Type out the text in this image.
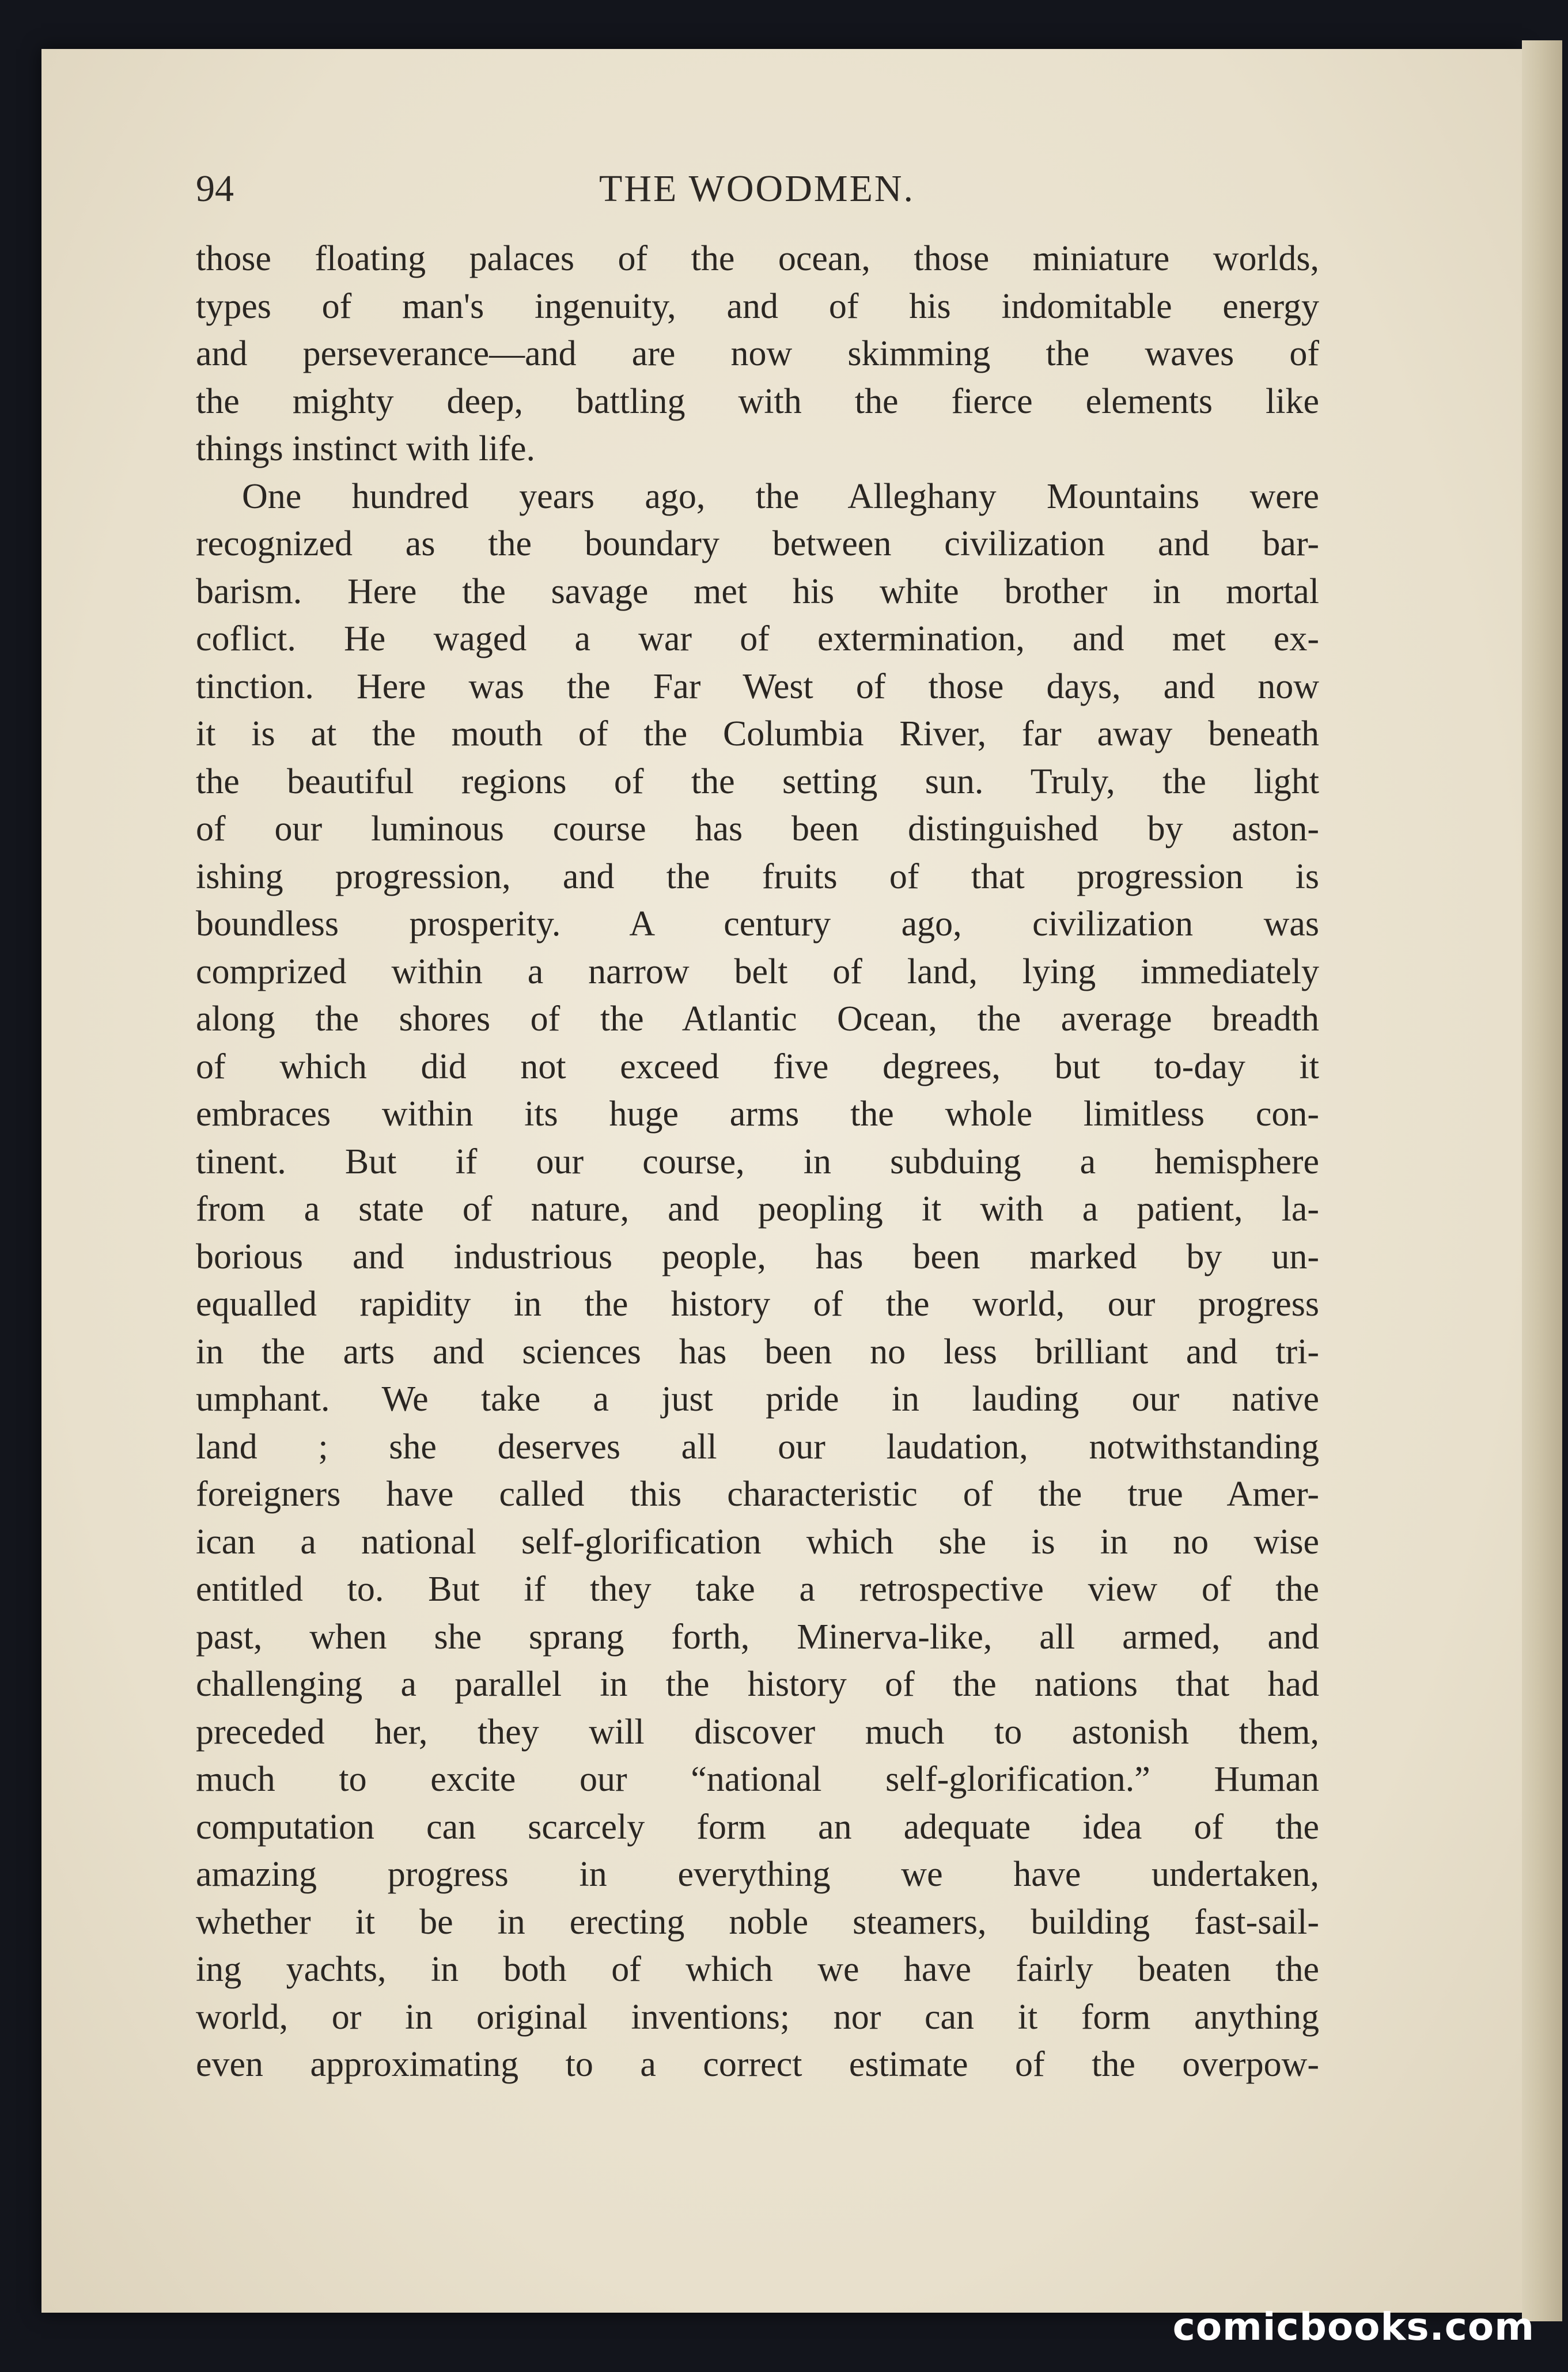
94	THE WOODMEN.
those floating palaces of the ocean, those miniature worlds,
types of man's ingenuity, and of his indomitable energy
and perseverance—and are now skimming the waves of
the mighty deep, battling with the fierce elements like
things instinct with life.
One hundred years ago, the Alleghany Mountains were
recognized as the boundary between civilization and bar-
barism. Here the savage met his white brother in mortal
coflict. He waged a war of extermination, and met ex-
tinction. Here was the Far West of those days, and now
it is at the mouth of the Columbia River, far away beneath
the beautiful regions of the setting sun. Truly, the light
of our luminous course has been distinguished by aston-
ishing progression, and the fruits of that progression is
boundless prosperity. A century ago, civilization was
comprized within a narrow belt of land, lying immediately
along the shores of the Atlantic Ocean, the average breadth
of which did not exceed five degrees, but to-day it
embraces within its huge arms the whole limitless con-
tinent. But if our course, in subduing a hemisphere
from a state of nature, and peopling it with a patient, la-
borious and industrious people, has been marked by un-
equalled rapidity in the history of the world, our progress
in the arts and sciences has been no less brilliant and tri-
umphant. We take a just pride in lauding our native
land ; she deserves all our laudation, notwithstanding
foreigners have called this characteristic of the true Amer-
ican a national self-glorification which she is in no wise
entitled to. But if they take a retrospective view of the
past, when she sprang forth, Minerva-like, all armed, and
challenging a parallel in the history of the nations that had
preceded her, they will discover much to astonish them,
much to excite our “national self-glorification.” Human
computation can scarcely form an adequate idea of the
amazing progress in everything we have undertaken,
whether it be in erecting noble steamers, building fast-sail-
ing yachts, in both of which we have fairly beaten the
world, or in original inventions; nor can it form anything
even approximating to a correct estimate of the overpow-
comicbooks.com
